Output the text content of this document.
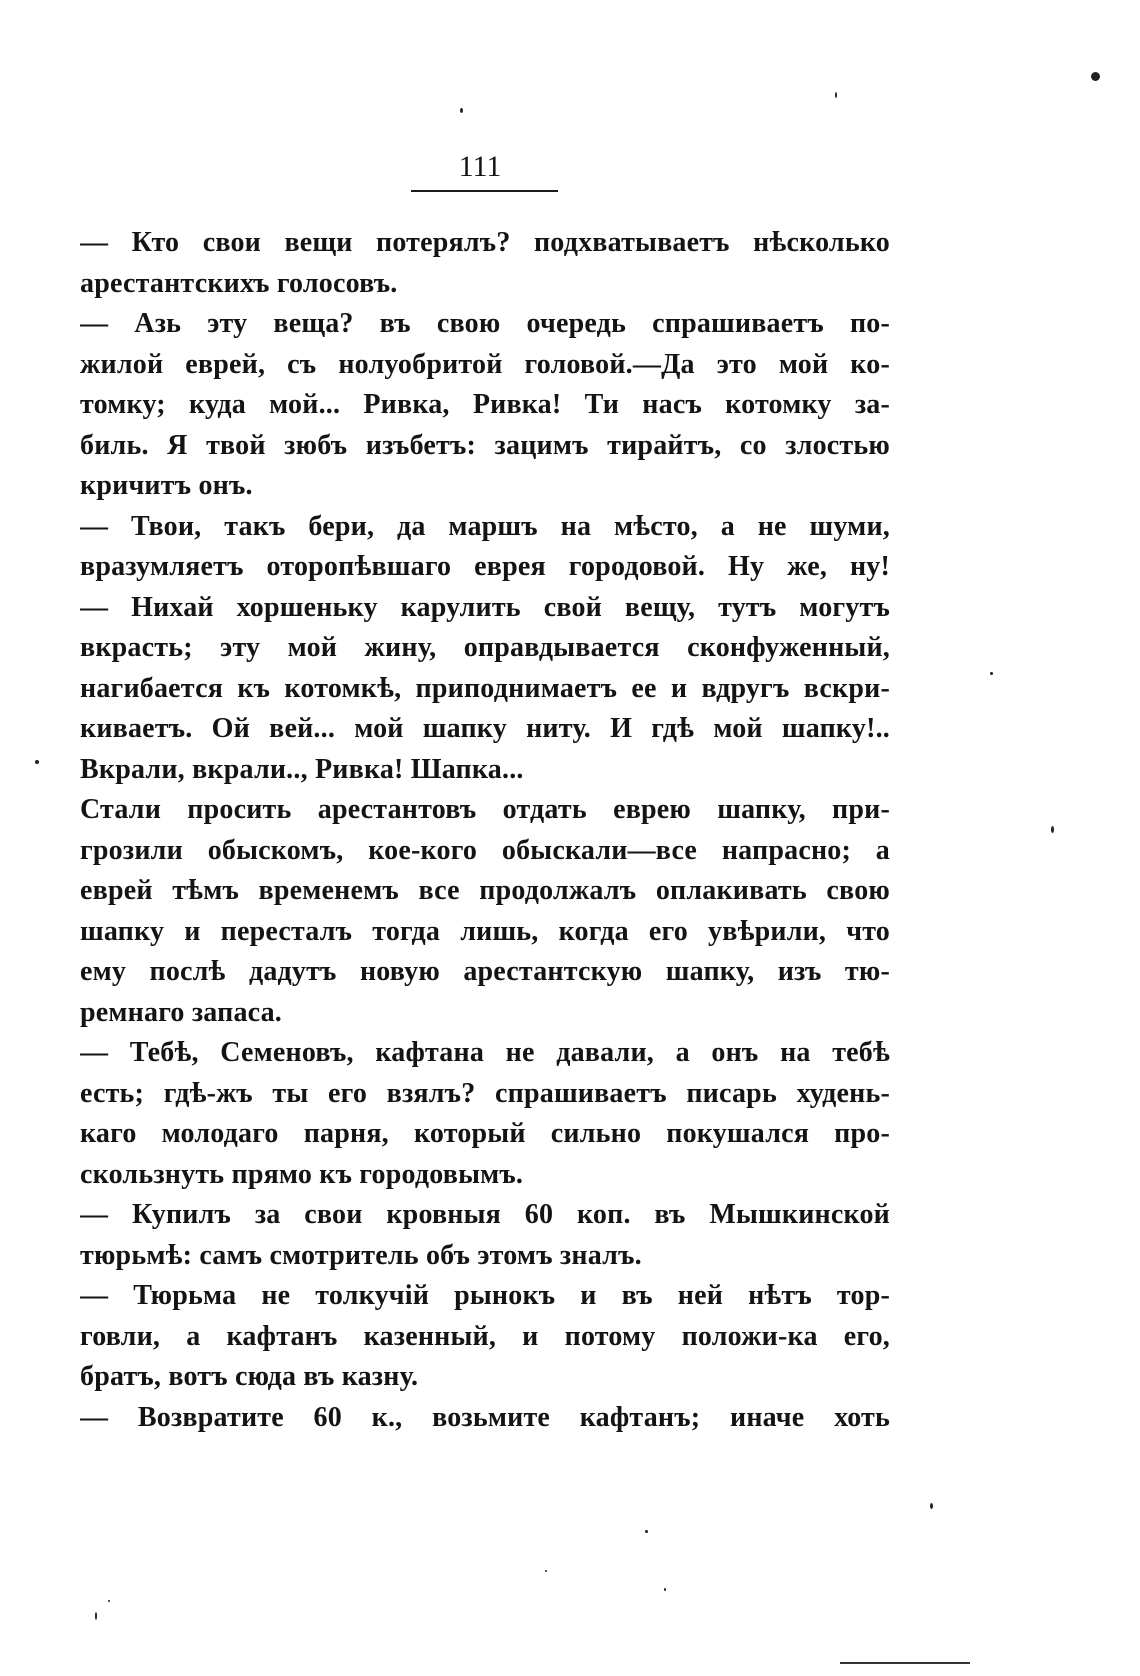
111
— Кто свои вещи потерялъ? подхватываетъ нѣсколько
арестантскихъ голосовъ.
— Азь эту веща? въ свою очередь спрашиваетъ по-
жилой еврей, съ нолуобритой головой.—Да это мой ко-
томку; куда мой... Ривка, Ривка! Ти насъ котомку за-
биль. Я твой зюбъ изъбетъ: зацимъ тирайтъ, со злостью
кричитъ онъ.
— Твои, такъ бери, да маршъ на мѣсто, а не шуми,
вразумляетъ оторопѣвшаго еврея городовой. Ну же, ну!
— Нихай хоршеньку карулить свой вещу, тутъ могутъ
вкрасть; эту мой жину, оправдывается сконфуженный,
нагибается къ котомкѣ, приподнимаетъ ее и вдругъ вскри-
киваетъ. Ой вей... мой шапку ниту. И гдѣ мой шапку!..
Вкрали, вкрали.., Ривка! Шапка...
Стали просить арестантовъ отдать еврею шапку, при-
грозили обыскомъ, кое-кого обыскали—все напрасно; а
еврей тѣмъ временемъ все продолжалъ оплакивать свою
шапку и пересталъ тогда лишь, когда его увѣрили, что
ему послѣ дадутъ новую арестантскую шапку, изъ тю-
ремнаго запаса.
— Тебѣ, Семеновъ, кафтана не давали, а онъ на тебѣ
есть; гдѣ-жъ ты его взялъ? спрашиваетъ писарь худень-
каго молодаго парня, который сильно покушался про-
скользнуть прямо къ городовымъ.
— Купилъ за свои кровныя 60 коп. въ Мышкинской
тюрьмѣ: самъ смотритель объ этомъ зналъ.
— Тюрьма не толкучій рынокъ и въ ней нѣтъ тор-
говли, а кафтанъ казенный, и потому положи-ка его,
братъ, вотъ сюда въ казну.
— Возвратите 60 к., возьмите кафтанъ; иначе хоть
